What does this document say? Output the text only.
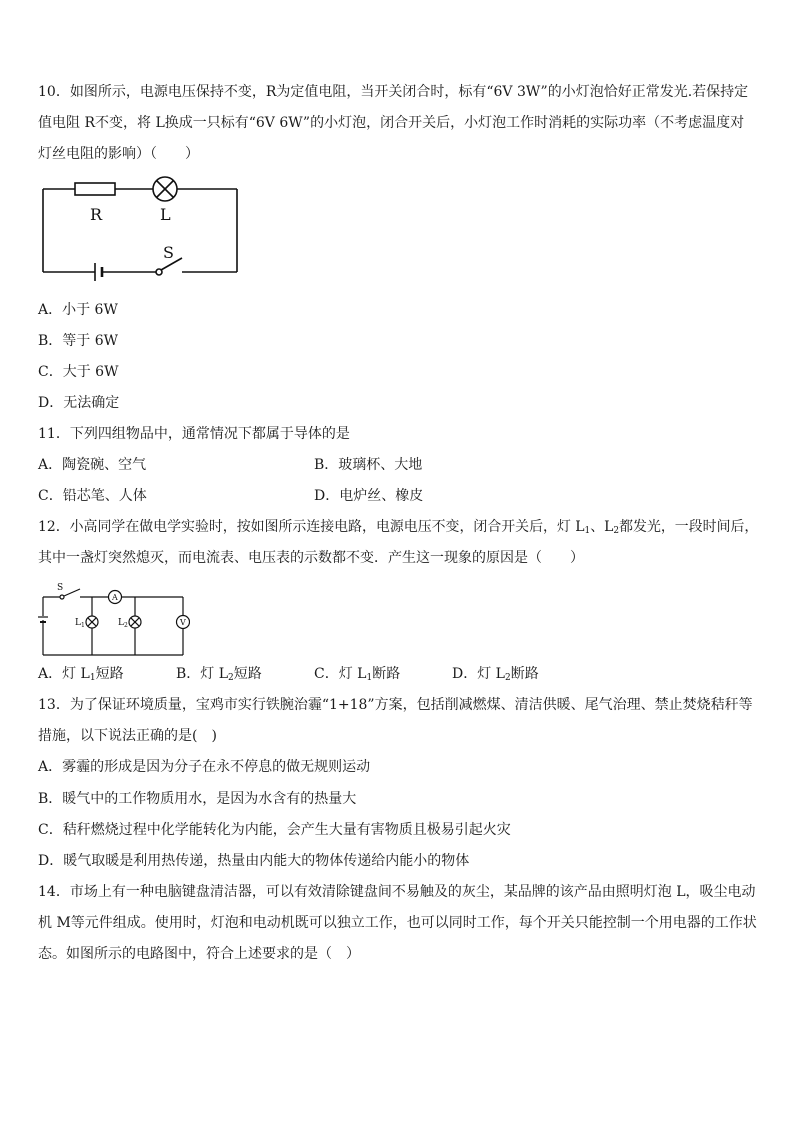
10．如图所示，电源电压保持不变，R为定值电阻，当开关闭合时，标有“6V 3W”的小灯泡恰好正常发光.若保持定
值电阻 R不变，将 L换成一只标有“6V 6W”的小灯泡，闭合开关后，小灯泡工作时消耗的实际功率（不考虑温度对
灯丝电阻的影响）（　　）
R	L
S
A．小于 6W
B．等于 6W
C．大于 6W
D．无法确定
11．下列四组物品中，通常情况下都属于导体的是
A．陶瓷碗、空气	B．玻璃杯、大地
C．铅芯笔、人体	D．电炉丝、橡皮
12．小高同学在做电学实验时，按如图所示连接电路，电源电压不变，闭合开关后，灯 $L_1$、$L_2$都发光，一段时间后，
其中一盏灯突然熄灭，而电流表、电压表的示数都不变．产生这一现象的原因是（　　）
S
A
V
L 1	L 2
A．灯 $L_1$短路	B．灯 $L_2$短路	C．灯 $L_1$断路	D．灯 $L_2$断路
13．为了保证环境质量，宝鸡市实行铁腕治霾“1+18”方案，包括削减燃煤、清洁供暖、尾气治理、禁止焚烧秸秆等
措施，以下说法正确的是(　)
A．雾霾的形成是因为分子在永不停息的做无规则运动
B．暖气中的工作物质用水，是因为水含有的热量大
C．秸秆燃烧过程中化学能转化为内能，会产生大量有害物质且极易引起火灾
D．暖气取暖是利用热传递，热量由内能大的物体传递给内能小的物体
14．市场上有一种电脑键盘清洁器，可以有效清除键盘间不易触及的灰尘，某品牌的该产品由照明灯泡 L，吸尘电动
机 M等元件组成。使用时，灯泡和电动机既可以独立工作，也可以同时工作，每个开关只能控制一个用电器的工作状
态。如图所示的电路图中，符合上述要求的是（　）
